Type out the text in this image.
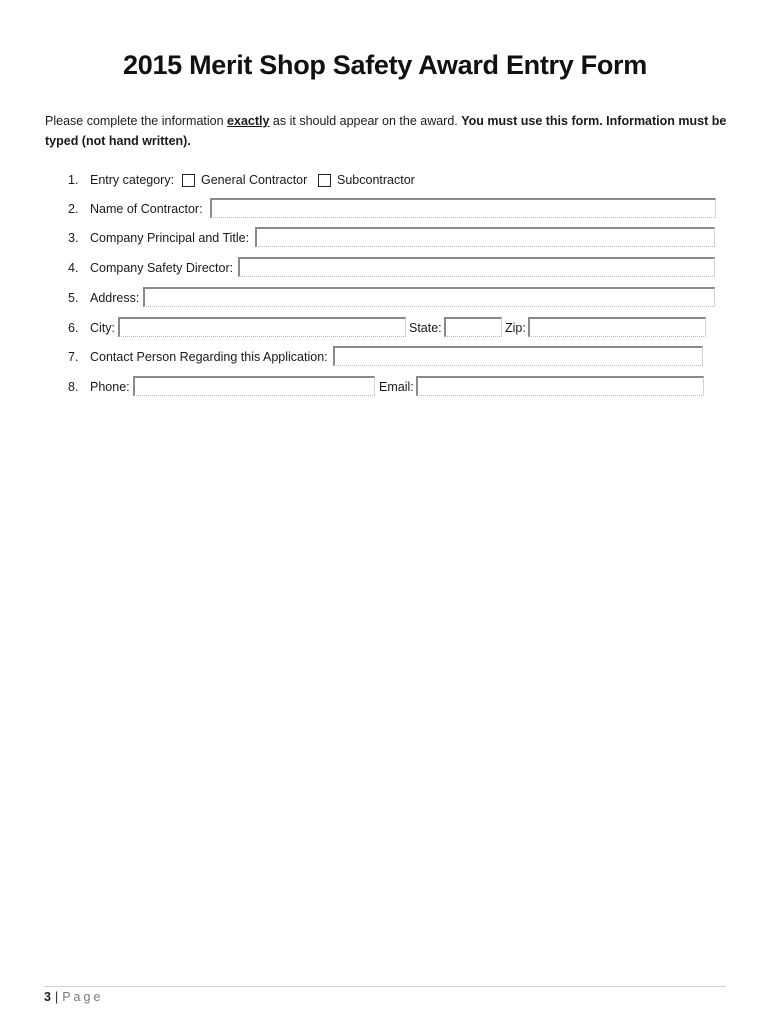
2015 Merit Shop Safety Award Entry Form
Please complete the information exactly as it should appear on the award. You must use this form. Information must be typed (not hand written).
1. Entry category: General Contractor Subcontractor
2. Name of Contractor:
3. Company Principal and Title:
4. Company Safety Director:
5. Address:
6. City:	State:	Zip:
7. Contact Person Regarding this Application:
8. Phone:	Email:
3 | Page
